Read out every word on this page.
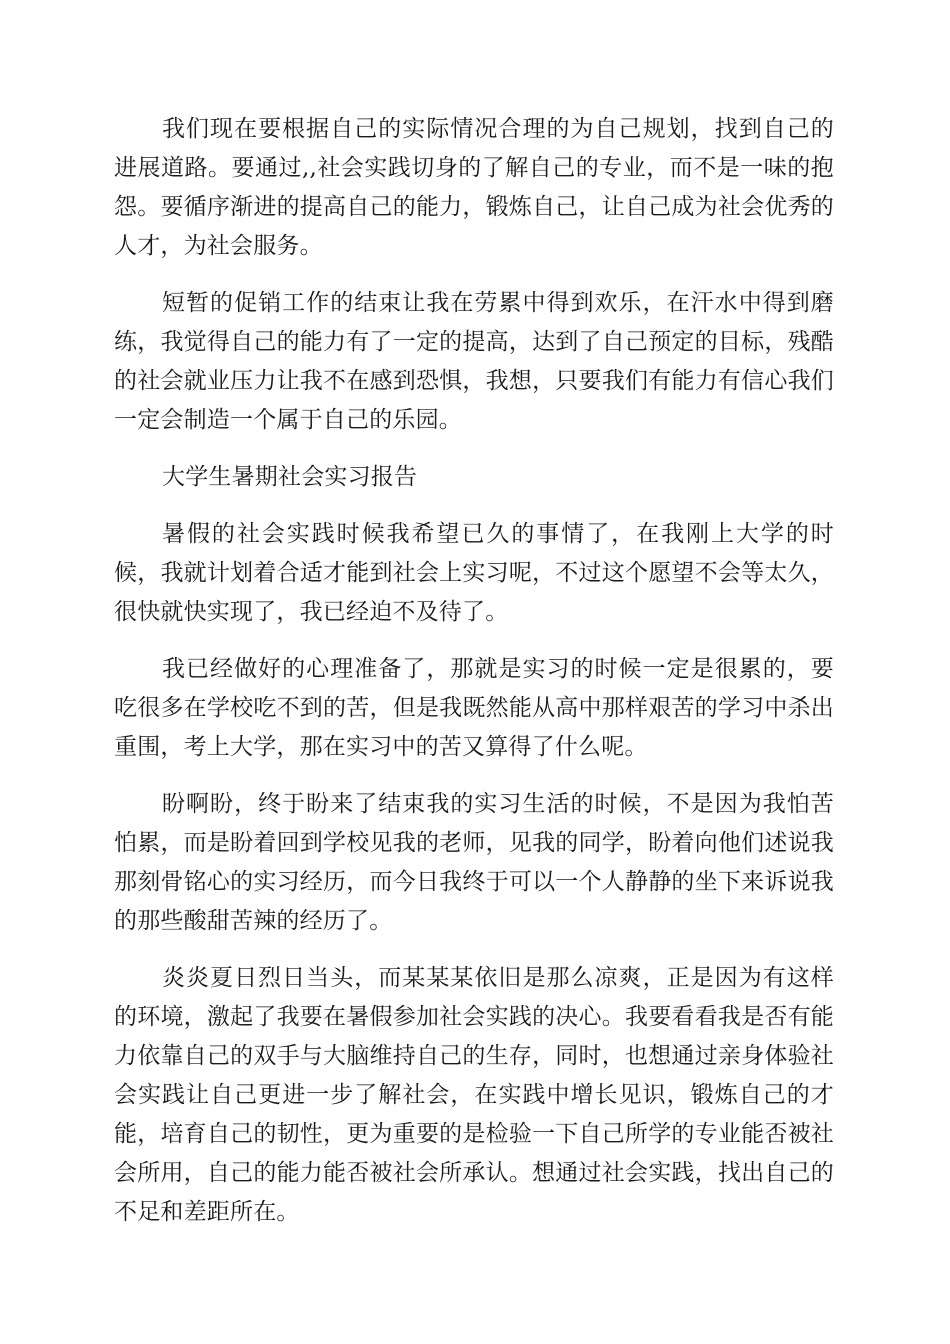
我们现在要根据自己的实际情况合理的为自己规划，找到自己的进展道路。要通过,,社会实践切身的了解自己的专业，而不是一味的抱怨。要循序渐进的提高自己的能力，锻炼自己，让自己成为社会优秀的人才，为社会服务。

短暂的促销工作的结束让我在劳累中得到欢乐，在汗水中得到磨练，我觉得自己的能力有了一定的提高，达到了自己预定的目标，残酷的社会就业压力让我不在感到恐惧，我想，只要我们有能力有信心我们一定会制造一个属于自己的乐园。

大学生暑期社会实习报告

暑假的社会实践时候我希望已久的事情了，在我刚上大学的时候，我就计划着合适才能到社会上实习呢，不过这个愿望不会等太久，很快就快实现了，我已经迫不及待了。

我已经做好的心理准备了，那就是实习的时候一定是很累的，要吃很多在学校吃不到的苦，但是我既然能从高中那样艰苦的学习中杀出重围，考上大学，那在实习中的苦又算得了什么呢。

盼啊盼，终于盼来了结束我的实习生活的时候，不是因为我怕苦怕累，而是盼着回到学校见我的老师，见我的同学，盼着向他们述说我那刻骨铭心的实习经历，而今日我终于可以一个人静静的坐下来诉说我的那些酸甜苦辣的经历了。

炎炎夏日烈日当头，而某某某依旧是那么凉爽，正是因为有这样的环境，激起了我要在暑假参加社会实践的决心。我要看看我是否有能力依靠自己的双手与大脑维持自己的生存，同时，也想通过亲身体验社会实践让自己更进一步了解社会，在实践中增长见识，锻炼自己的才能，培育自己的韧性，更为重要的是检验一下自己所学的专业能否被社会所用，自己的能力能否被社会所承认。想通过社会实践，找出自己的不足和差距所在。
